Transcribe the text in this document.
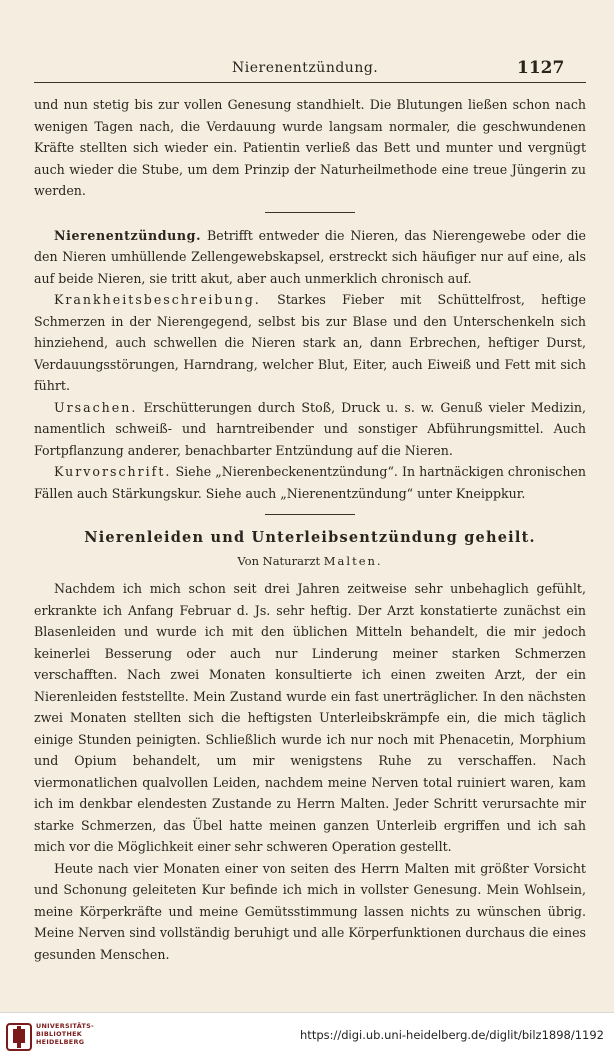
Nierenentzündung.	1127

und nun stetig bis zur vollen Genesung standhielt. Die Blutungen ließen schon nach wenigen Tagen nach, die Verdauung wurde langsam normaler, die geschwundenen Kräfte stellten sich wieder ein. Patientin verließ das Bett und munter und vergnügt auch wieder die Stube, um dem Prinzip der Naturheilmethode eine treue Jüngerin zu werden.

Nierenentzündung. Betrifft entweder die Nieren, das Nierengewebe oder die den Nieren umhüllende Zellengewebskapsel, erstreckt sich häufiger nur auf eine, als auf beide Nieren, sie tritt akut, aber auch unmerklich chronisch auf.

Krankheitsbeschreibung. Starkes Fieber mit Schüttelfrost, heftige Schmerzen in der Nierengegend, selbst bis zur Blase und den Unterschenkeln sich hinziehend, auch schwellen die Nieren stark an, dann Erbrechen, heftiger Durst, Verdauungsstörungen, Harndrang, welcher Blut, Eiter, auch Eiweiß und Fett mit sich führt.

Ursachen. Erschütterungen durch Stoß, Druck u. s. w. Genuß vieler Medizin, namentlich schweiß- und harntreibender und sonstiger Abführungsmittel. Auch Fortpflanzung anderer, benachbarter Entzündung auf die Nieren.

Kurvorschrift. Siehe „Nierenbeckenentzündung“. In hartnäckigen chronischen Fällen auch Stärkungskur. Siehe auch „Nierenentzündung“ unter Kneippkur.

Nierenleiden und Unterleibsentzündung geheilt.
Von Naturarzt Malten.

Nachdem ich mich schon seit drei Jahren zeitweise sehr unbehaglich gefühlt, erkrankte ich Anfang Februar d. Js. sehr heftig. Der Arzt konstatierte zunächst ein Blasenleiden und wurde ich mit den üblichen Mitteln behandelt, die mir jedoch keinerlei Besserung oder auch nur Linderung meiner starken Schmerzen verschafften. Nach zwei Monaten konsultierte ich einen zweiten Arzt, der ein Nierenleiden feststellte. Mein Zustand wurde ein fast unerträglicher. In den nächsten zwei Monaten stellten sich die heftigsten Unterleibskrämpfe ein, die mich täglich einige Stunden peinigten. Schließlich wurde ich nur noch mit Phenacetin, Morphium und Opium behandelt, um mir wenigstens Ruhe zu verschaffen. Nach viermonatlichen qualvollen Leiden, nachdem meine Nerven total ruiniert waren, kam ich im denkbar elendesten Zustande zu Herrn Malten. Jeder Schritt verursachte mir starke Schmerzen, das Übel hatte meinen ganzen Unterleib ergriffen und ich sah mich vor die Möglichkeit einer sehr schweren Operation gestellt.

Heute nach vier Monaten einer von seiten des Herrn Malten mit größter Vorsicht und Schonung geleiteten Kur befinde ich mich in vollster Genesung. Mein Wohlsein, meine Körperkräfte und meine Gemütsstimmung lassen nichts zu wünschen übrig. Meine Nerven sind vollständig beruhigt und alle Körperfunktionen durchaus die eines gesunden Menschen.

UNIVERSITÄTS-
BIBLIOTHEK
HEIDELBERG	https://digi.ub.uni-heidelberg.de/diglit/bilz1898/1192
